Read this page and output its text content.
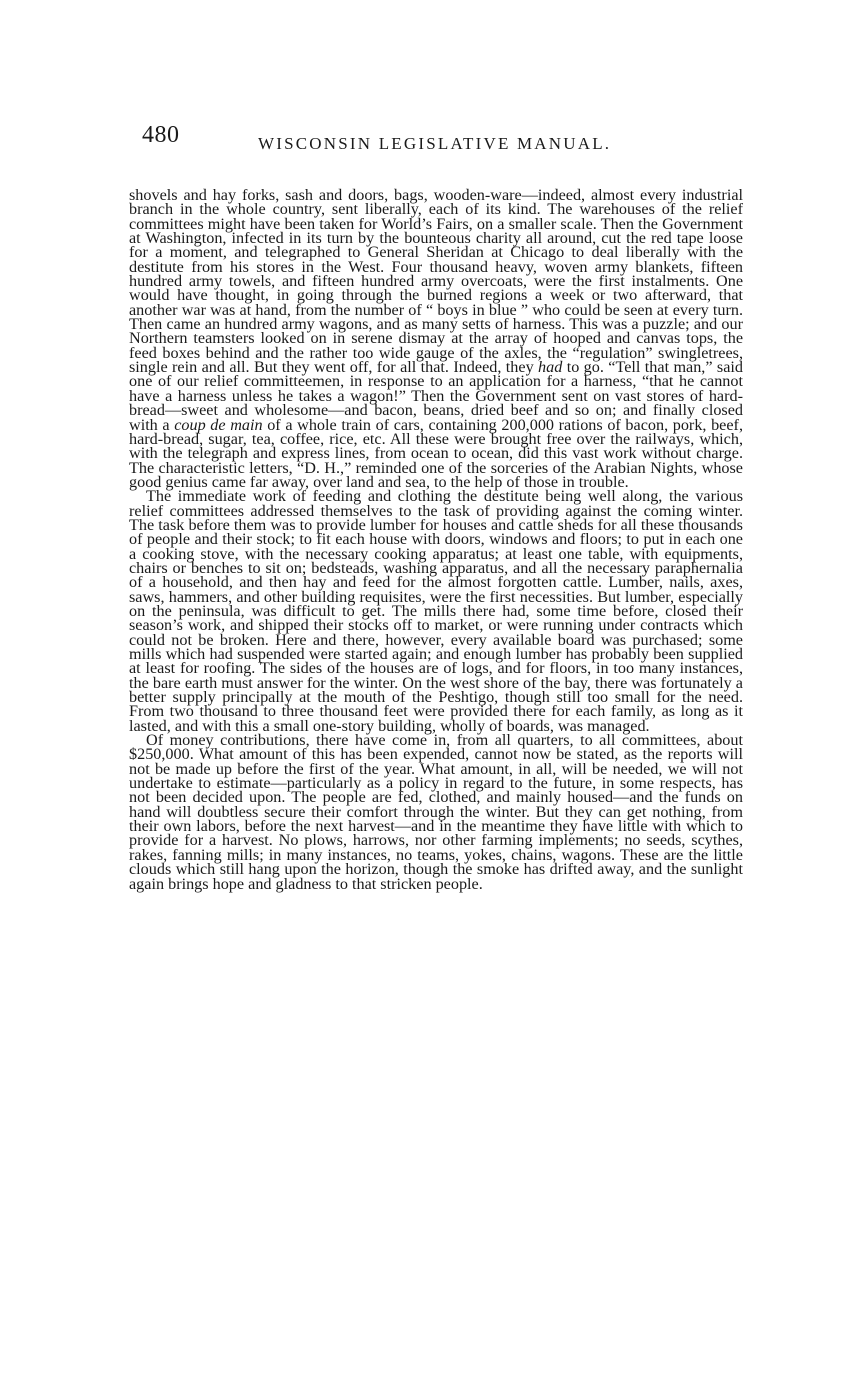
480	WISCONSIN LEGISLATIVE MANUAL.

shovels and hay forks, sash and doors, bags, wooden-ware—indeed, almost every industrial branch in the whole country, sent liberally, each of its kind. The warehouses of the relief committees might have been taken for World’s Fairs, on a smaller scale. Then the Government at Washington, infected in its turn by the bounteous charity all around, cut the red tape loose for a moment, and telegraphed to General Sheridan at Chicago to deal liberally with the destitute from his stores in the West. Four thousand heavy, woven army blankets, fifteen hundred army towels, and fifteen hundred army overcoats, were the first instalments. One would have thought, in going through the burned regions a week or two afterward, that another war was at hand, from the number of “ boys in blue ” who could be seen at every turn. Then came an hundred army wagons, and as many setts of harness. This was a puzzle; and our Northern teamsters looked on in serene dismay at the array of hooped and canvas tops, the feed boxes behind and the rather too wide gauge of the axles, the “regulation” swingletrees, single rein and all. But they went off, for all that. Indeed, they had to go. “Tell that man,” said one of our relief committeemen, in response to an application for a harness, “that he cannot have a harness unless he takes a wagon!” Then the Government sent on vast stores of hard-bread—sweet and wholesome—and bacon, beans, dried beef and so on; and finally closed with a coup de main of a whole train of cars, containing 200,000 rations of bacon, pork, beef, hard-bread, sugar, tea, coffee, rice, etc. All these were brought free over the railways, which, with the telegraph and express lines, from ocean to ocean, did this vast work without charge. The characteristic letters, “D. H.,” reminded one of the sorceries of the Arabian Nights, whose good genius came far away, over land and sea, to the help of those in trouble.

The immediate work of feeding and clothing the destitute being well along, the various relief committees addressed themselves to the task of providing against the coming winter. The task before them was to provide lumber for houses and cattle sheds for all these thousands of people and their stock; to fit each house with doors, windows and floors; to put in each one a cooking stove, with the necessary cooking apparatus; at least one table, with equipments, chairs or benches to sit on; bedsteads, washing apparatus, and all the necessary paraphernalia of a household, and then hay and feed for the almost forgotten cattle. Lumber, nails, axes, saws, hammers, and other building requisites, were the first necessities. But lumber, especially on the peninsula, was difficult to get. The mills there had, some time before, closed their season’s work, and shipped their stocks off to market, or were running under contracts which could not be broken. Here and there, however, every available board was purchased; some mills which had suspended were started again; and enough lumber has probably been supplied at least for roofing. The sides of the houses are of logs, and for floors, in too many instances, the bare earth must answer for the winter. On the west shore of the bay, there was fortunately a better supply principally at the mouth of the Peshtigo, though still too small for the need. From two thousand to three thousand feet were provided there for each family, as long as it lasted, and with this a small one-story building, wholly of boards, was managed.

Of money contributions, there have come in, from all quarters, to all committees, about $250,000. What amount of this has been expended, cannot now be stated, as the reports will not be made up before the first of the year. What amount, in all, will be needed, we will not undertake to estimate—particularly as a policy in regard to the future, in some respects, has not been decided upon. The people are fed, clothed, and mainly housed—and the funds on hand will doubtless secure their comfort through the winter. But they can get nothing, from their own labors, before the next harvest—and in the meantime they have little with which to provide for a harvest. No plows, harrows, nor other farming implements; no seeds, scythes, rakes, fanning mills; in many instances, no teams, yokes, chains, wagons. These are the little clouds which still hang upon the horizon, though the smoke has drifted away, and the sunlight again brings hope and gladness to that stricken people.
